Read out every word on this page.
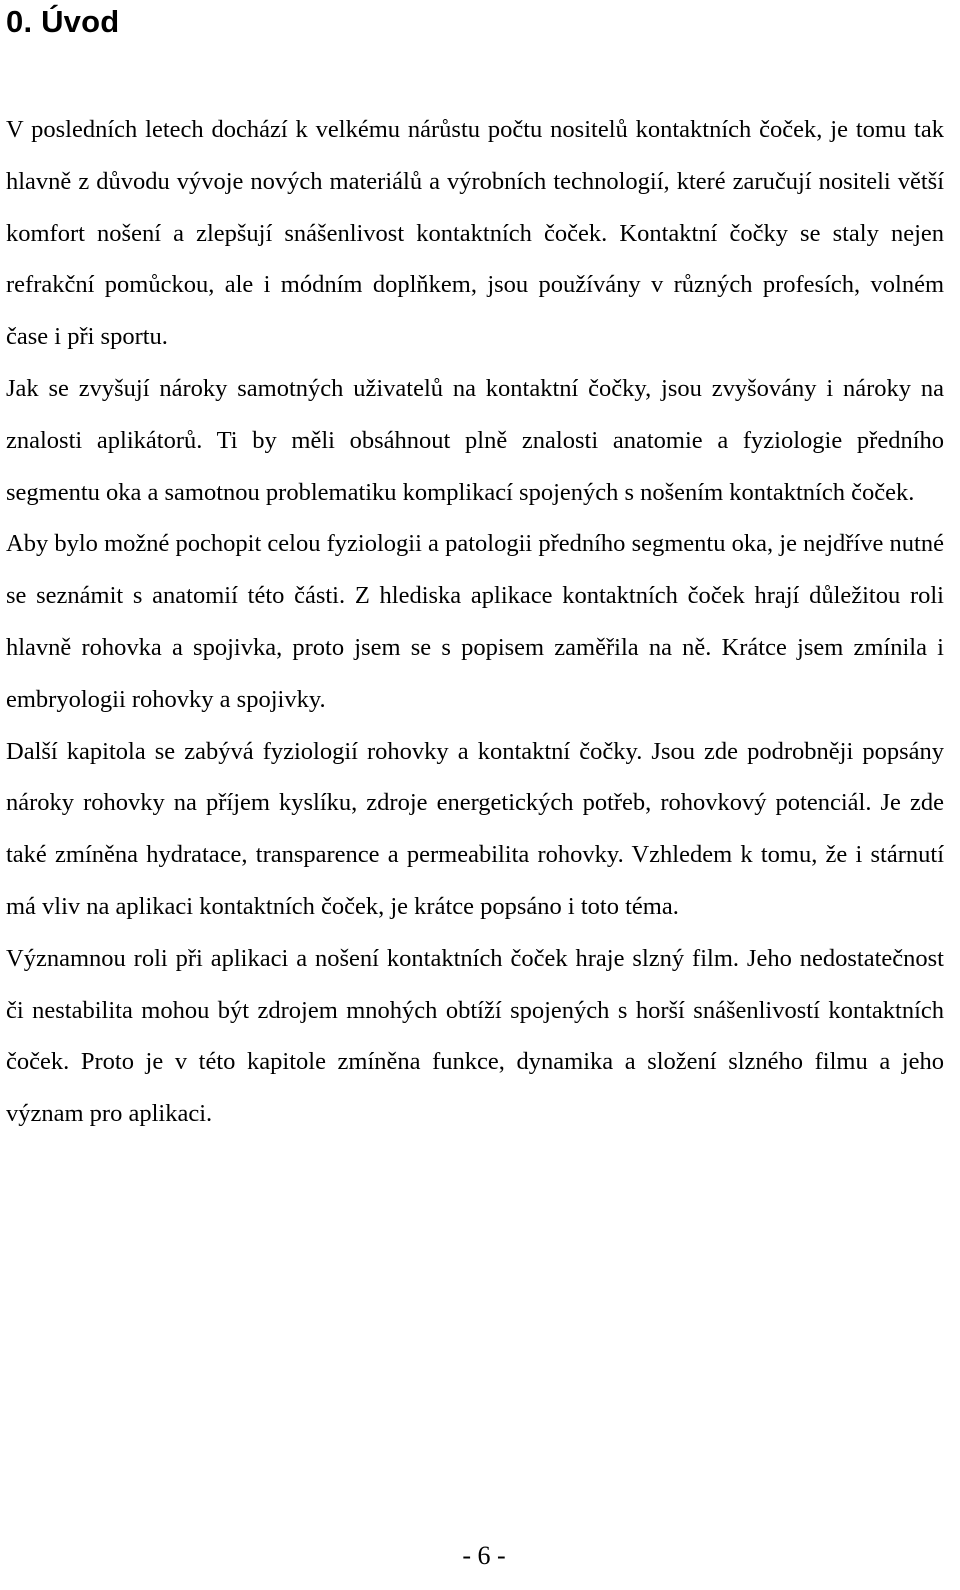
0. Úvod

V posledních letech dochází k velkému nárůstu počtu nositelů kontaktních čoček, je tomu tak hlavně z důvodu vývoje nových materiálů a výrobních technologií, které zaručují nositeli větší komfort nošení a zlepšují snášenlivost kontaktních čoček. Kontaktní čočky se staly nejen refrakční pomůckou, ale i módním doplňkem, jsou používány v různých profesích, volném čase i při sportu.

Jak se zvyšují nároky samotných uživatelů na kontaktní čočky, jsou zvyšovány i nároky na znalosti aplikátorů. Ti by měli obsáhnout plně znalosti anatomie a fyziologie předního segmentu oka a samotnou problematiku komplikací spojených s nošením kontaktních čoček.

Aby bylo možné pochopit celou fyziologii a patologii předního segmentu oka, je nejdříve nutné se seznámit s anatomií této části. Z hlediska aplikace kontaktních čoček hrají důležitou roli hlavně rohovka a spojivka, proto jsem se s popisem zaměřila na ně. Krátce jsem zmínila i embryologii rohovky a spojivky.

Další kapitola se zabývá fyziologií rohovky a kontaktní čočky. Jsou zde podrobněji popsány nároky rohovky na příjem kyslíku, zdroje energetických potřeb, rohovkový potenciál. Je zde také zmíněna hydratace, transparence a permeabilita rohovky. Vzhledem k tomu, že i stárnutí má vliv na aplikaci kontaktních čoček, je krátce popsáno i toto téma.

Významnou roli při aplikaci a nošení kontaktních čoček hraje slzný film. Jeho nedostatečnost či nestabilita mohou být zdrojem mnohých obtíží spojených s horší snášenlivostí kontaktních čoček. Proto je v této kapitole zmíněna funkce, dynamika a složení slzného filmu a jeho význam pro aplikaci.

- 6 -
